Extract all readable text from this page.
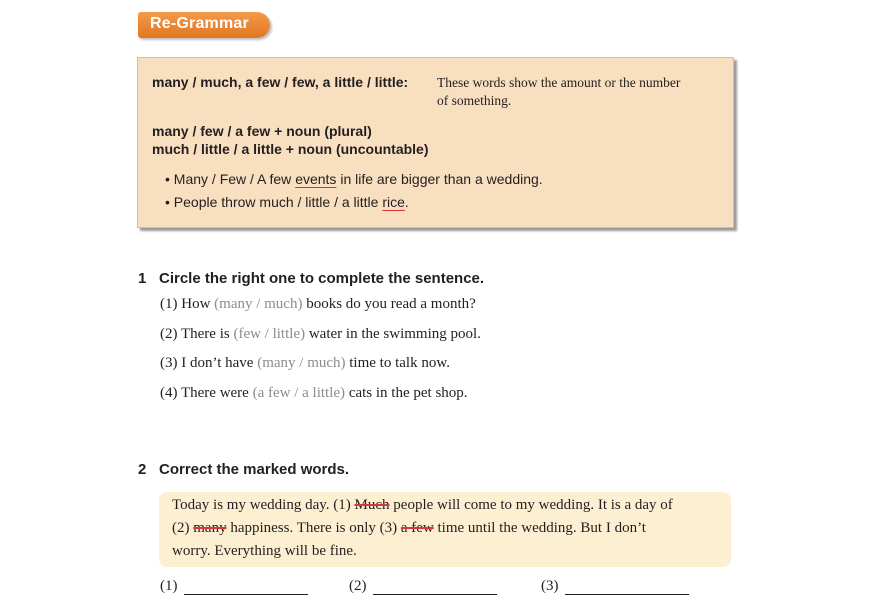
Re-Grammar
many / much, a few / few, a little / little: These words show the amount or the number
of something.
many / few / a few + noun (plural)
much / little / a little + noun (uncountable)
• Many / Few / A few events in life are bigger than a wedding.
• People throw much / little / a little rice.
1 Circle the right one to complete the sentence.
(1) How (many / much) books do you read a month?
(2) There is (few / little) water in the swimming pool.
(3) I don’t have (many / much) time to talk now.
(4) There were (a few / a little) cats in the pet shop.
2 Correct the marked words.
Today is my wedding day. (1) Much people will come to my wedding. It is a day of
(2) many happiness. There is only (3) a few time until the wedding. But I don’t
worry. Everything will be fine.
(1)	(2)	(3)
